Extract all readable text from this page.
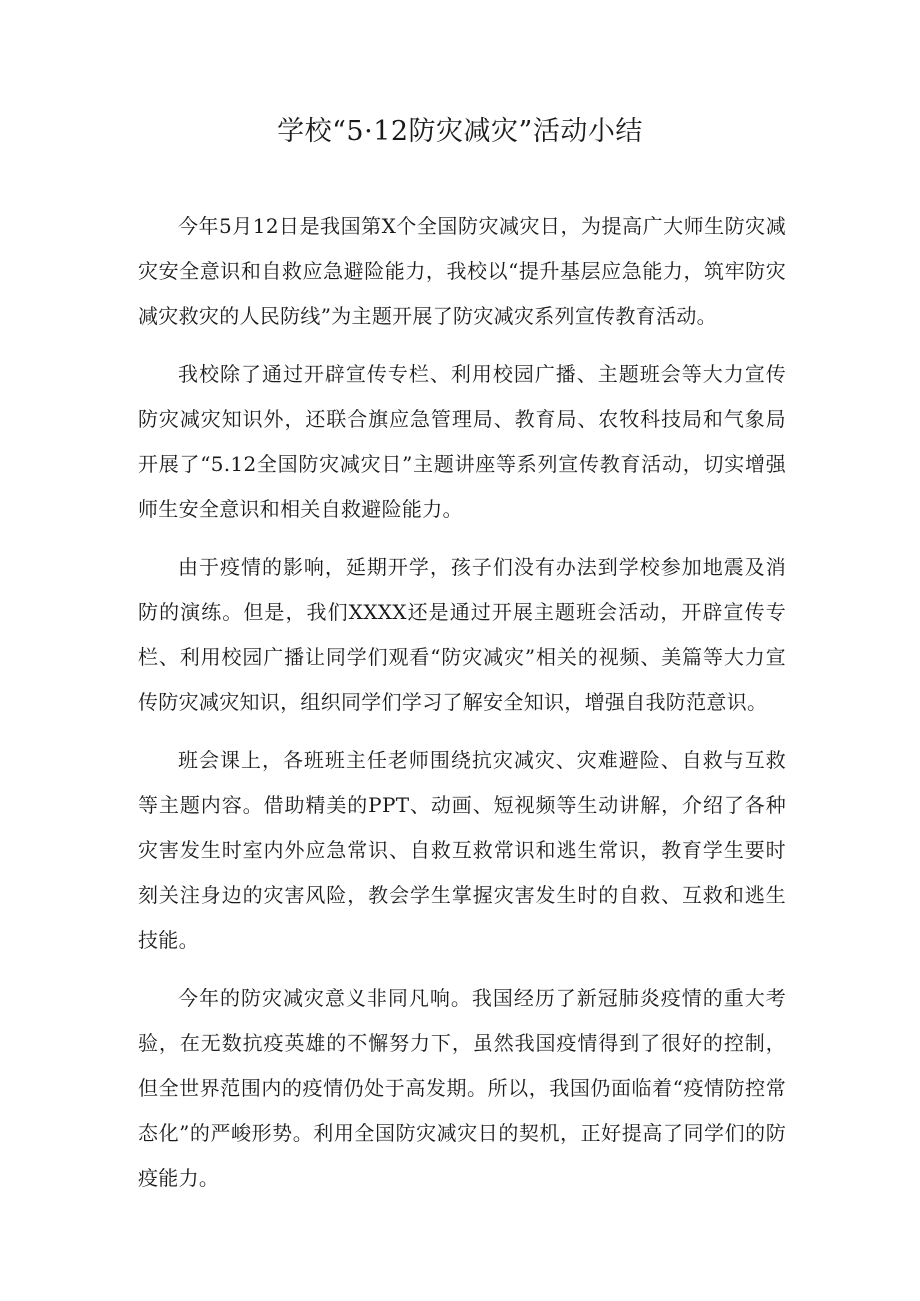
学校“5·12防灾减灾”活动小结

今年5月12日是我国第X个全国防灾减灾日，为提高广大师生防灾减灾安全意识和自救应急避险能力，我校以“提升基层应急能力，筑牢防灾减灾救灾的人民防线”为主题开展了防灾减灾系列宣传教育活动。

我校除了通过开辟宣传专栏、利用校园广播、主题班会等大力宣传防灾减灾知识外，还联合旗应急管理局、教育局、农牧科技局和气象局开展了“5.12全国防灾减灾日”主题讲座等系列宣传教育活动，切实增强师生安全意识和相关自救避险能力。

由于疫情的影响，延期开学，孩子们没有办法到学校参加地震及消防的演练。但是，我们XXXX还是通过开展主题班会活动，开辟宣传专栏、利用校园广播让同学们观看“防灾减灾”相关的视频、美篇等大力宣传防灾减灾知识，组织同学们学习了解安全知识，增强自我防范意识。

班会课上，各班班主任老师围绕抗灾减灾、灾难避险、自救与互救等主题内容。借助精美的PPT、动画、短视频等生动讲解，介绍了各种灾害发生时室内外应急常识、自救互救常识和逃生常识，教育学生要时刻关注身边的灾害风险，教会学生掌握灾害发生时的自救、互救和逃生技能。

今年的防灾减灾意义非同凡响。我国经历了新冠肺炎疫情的重大考验，在无数抗疫英雄的不懈努力下，虽然我国疫情得到了很好的控制，但全世界范围内的疫情仍处于高发期。所以，我国仍面临着“疫情防控常态化”的严峻形势。利用全国防灾减灾日的契机，正好提高了同学们的防疫能力。
